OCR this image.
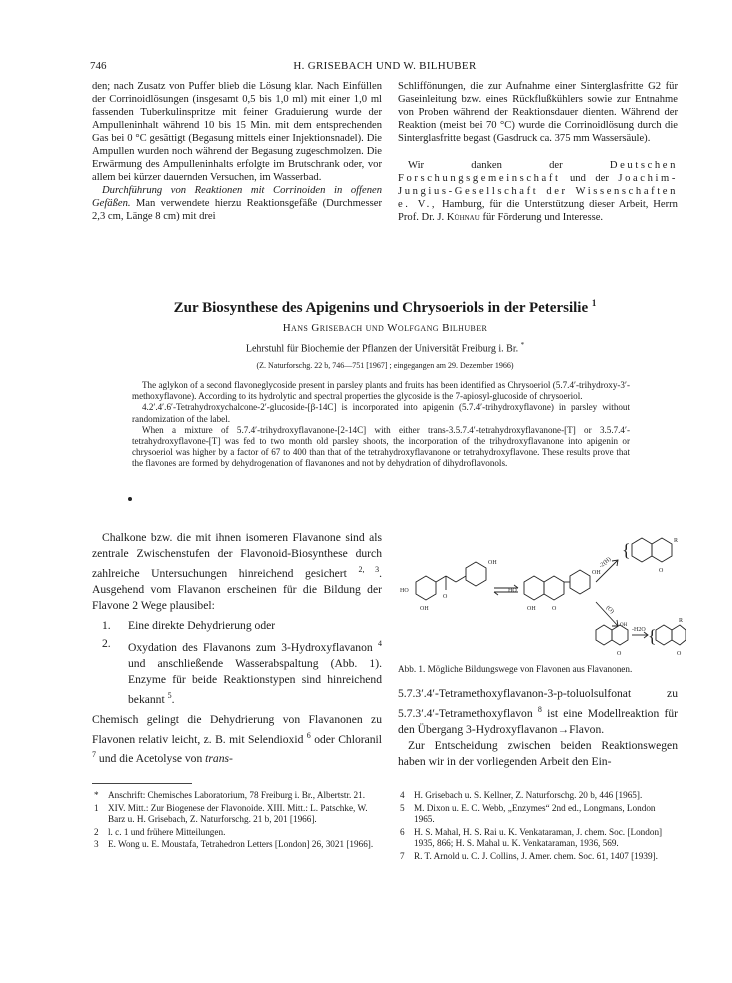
746	H. GRISEBACH UND W. BILHUBER

den; nach Zusatz von Puffer blieb die Lösung klar. Nach Einfüllen der Corrinoidlösungen (insgesamt 0,5 bis 1,0 ml) mit einer 1,0 ml fassenden Tuberkulinspritze mit feiner Graduierung wurde der Ampulleninhalt während 10 bis 15 Min. mit dem entsprechenden Gas bei 0 °C gesättigt (Begasung mittels einer Injektionsnadel). Die Ampullen wurden noch während der Begasung zugeschmolzen. Die Erwärmung des Ampulleninhalts erfolgte im Brutschrank oder, vor allem bei kürzer dauernden Versuchen, im Wasserbad.

Durchführung von Reaktionen mit Corrinoiden in offenen Gefäßen. Man verwendete hierzu Reaktionsgefäße (Durchmesser 2,3 cm, Länge 8 cm) mit drei

Schliffönungen, die zur Aufnahme einer Sinterglasfritte G2 für Gaseinleitung bzw. eines Rückflußkühlers sowie zur Entnahme von Proben während der Reaktionsdauer dienten. Während der Reaktion (meist bei 70 °C) wurde die Corrinoidlösung durch die Sinterglasfritte begast (Gasdruck ca. 375 mm Wassersäule).

Wir danken der	Deutschen Forschungsgemeinschaft und der Joachim-Jungius-Gesellschaft der Wissenschaften e. V., Hamburg, für die Unterstützung dieser Arbeit, Herrn Prof. Dr. J. Kühnau für Förderung und Interesse.

Zur Biosynthese des Apigenins und Chrysoeriols in der Petersilie $^1$
Hans Grisebach und Wolfgang Bilhuber
Lehrstuhl für Biochemie der Pflanzen der Universität Freiburg i. Br. *
(Z. Naturforschg. 22 b, 746—751 [1967] ; eingegangen am 29. Dezember 1966)
The aglykon of a second flavoneglycoside present in parsley plants and fruits has been identified as Chrysoeriol (5.7.4′-trihydroxy-3′-methoxyflavone). According to its hydrolytic and spectral properties the glycoside is the 7-apiosyl-glucoside of chrysoeriol.
4.2′.4′.6′-Tetrahydroxychalcone-2′-glucoside-[β-14C] is incorporated into apigenin (5.7.4′-trihydroxyflavone) in parsley without randomization of the label.
When a mixture of 5.7.4′-trihydroxyflavanone-[2-14C] with either trans-3.5.7.4′-tetrahydroxyflavanone-[T] or 3.5.7.4′-tetrahydroxyflavone-[T] was fed to two month old parsley shoots, the incorporation of the trihydroxyflavanone into apigenin or chrysoeriol was higher by a factor of 67 to 400 than that of the tetrahydroxyflavanone or tetrahydroxyflavone. These results prove that the flavones are formed by dehydrogenation of flavanones and not by dehydration of dihydroflavonols.

Chalkone bzw. die mit ihnen isomeren Flavanone sind als zentrale Zwischenstufen der Flavonoid-Biosynthese durch zahlreiche Untersuchungen hinreichend gesichert $^{2, 3}$. Ausgehend vom Flavanon erscheinen für die Bildung der Flavone 2 Wege plausibel:

1.	Eine direkte Dehydrierung oder
2.	Oxydation des Flavanons zum 3-Hydroxyflavanon $^4$ und anschließende Wasserabspaltung (Abb. 1). Enzyme für beide Reaktionstypen sind hinreichend bekannt $^5$.

Chemisch gelingt die Dehydrierung von Flavanonen zu Flavonen relativ leicht, z. B. mit Selendioxid $^6$ oder Chloranil $^7$ und die Acetolyse von trans-

HO
OH
OH
O
HO
OH
OH	O
-2(H)
{	R
O
(O)
OH
O
-H2O {
R
O
Abb. 1. Mögliche Bildungswege von Flavonen aus Flavanonen.

5.7.3′.4′-Tetramethoxyflavanon-3-p-toluolsulfonat zu 5.7.3′.4′-Tetramethoxyflavon $^8$ ist eine Modellreaktion für den Übergang 3-Hydroxyflavanon→Flavon.

Zur Entscheidung zwischen beiden Reaktionswegen haben wir in der vorliegenden Arbeit den Ein-

*	Anschrift: Chemisches Laboratorium, 78 Freiburg i. Br., Albertstr. 21.
1	XIV. Mitt.: Zur Biogenese der Flavonoide. XIII. Mitt.: L. Patschke, W. Barz u. H. Grisebach, Z. Naturforschg. 21 b, 201 [1966].
2	l. c. 1 und frühere Mitteilungen.
3	E. Wong u. E. Moustafa, Tetrahedron Letters [London] 26, 3021 [1966].
4	H. Grisebach u. S. Kellner, Z. Naturforschg. 20 b, 446 [1965].
5	M. Dixon u. E. C. Webb, „Enzymes“ 2nd ed., Longmans, London 1965.
6	H. S. Mahal, H. S. Rai u. K. Venkataraman, J. chem. Soc. [London] 1935, 866; H. S. Mahal u. K. Venkataraman, 1936, 569.
7	R. T. Arnold u. C. J. Collins, J. Amer. chem. Soc. 61, 1407 [1939].
